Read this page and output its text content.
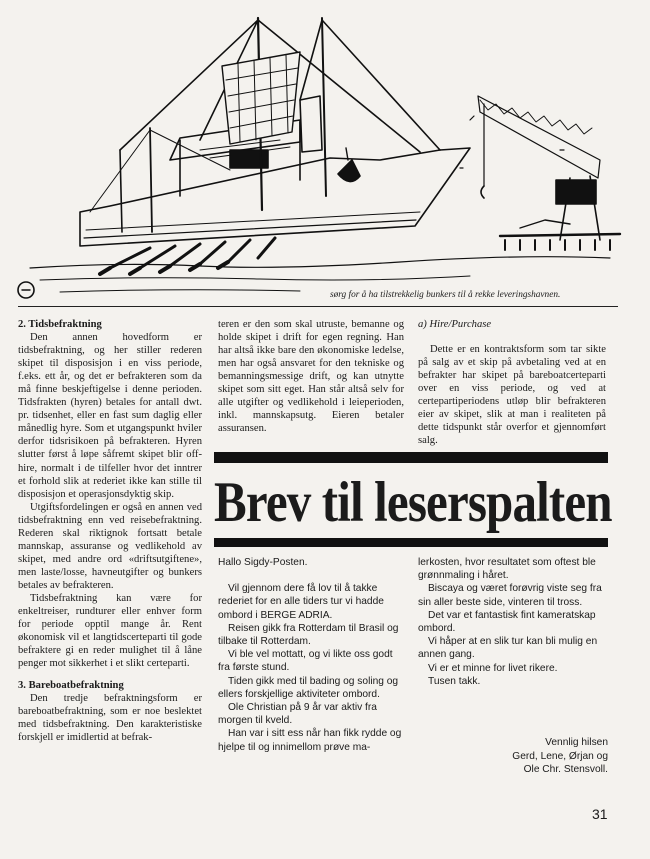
sørg for å ha tilstrekkelig bunkers til å rekke leveringshavnen.

2. Tidsbefraktning

Den annen hovedform er tidsbefraktning, og her stiller rederen skipet til disposisjon i en viss periode, f.eks. ett år, og det er befrakteren som da må finne beskjeftigelse i denne perioden. Tidsfrakten (hyren) betales for antall dwt. pr. tidsenhet, eller en fast sum daglig eller månedlig hyre. Som et utgangspunkt hviler derfor tidsrisikoen på befrakteren. Hyren slutter først å løpe såfremt skipet blir off-hire, normalt i de tilfeller hvor det inntrer et forhold slik at rederiet ikke kan stille til disposisjon et operasjonsdyktig skip.

Utgiftsfordelingen er også en annen ved tidsbefraktning enn ved reisebefraktning. Rederen skal riktignok fortsatt betale mannskap, assuranse og vedlikehold av skipet, med andre ord «driftsutgiftene», men laste/losse, havneutgifter og bunkers betales av befrakteren.

Tidsbefraktning kan være for enkeltreiser, rundturer eller enhver form for periode opptil mange år. Rent økonomisk vil et langtidscerteparti til gode befraktere gi en reder mulighet til å låne penger mot sikkerhet i et slikt certeparti.

3. Bareboatbefraktning

Den tredje befraktningsform er bareboatbefraktning, som er noe beslektet med tidsbefraktning. Den karakteristiske forskjell er imidlertid at befrak-

teren er den som skal utruste, bemanne og holde skipet i drift for egen regning. Han har altså ikke bare den økonomiske ledelse, men har også ansvaret for den tekniske og bemanningsmessige drift, og kan utnytte skipet som sitt eget. Han står altså selv for alle utgifter og vedlikehold i leieperioden, inkl. mannskapsutg. Eieren betaler assuransen.

a) Hire/Purchase

Dette er en kontraktsform som tar sikte på salg av et skip på avbetaling ved at en befrakter har skipet på bareboatcerteparti over en viss periode, og ved at certepartiperiodens utløp blir befrakteren eier av skipet, slik at man i realiteten på dette tidspunkt står overfor et gjennomført salg.

Brev til leserspalten

Hallo Sigdy-Posten.

Vil gjennom dere få lov til å takke rederiet for en alle tiders tur vi hadde ombord i BERGE ADRIA.

Reisen gikk fra Rotterdam til Brasil og tilbake til Rotterdam.

Vi ble vel mottatt, og vi likte oss godt fra første stund.

Tiden gikk med til bading og soling og ellers forskjellige aktiviteter ombord.

Ole Christian på 9 år var aktiv fra morgen til kveld.

Han var i sitt ess når han fikk rydde og hjelpe til og innimellom prøve ma-

lerkosten, hvor resultatet som oftest ble grønnmaling i håret.

Biscaya og været forøvrig viste seg fra sin aller beste side, vinteren til tross.

Det var et fantastisk fint kameratskap ombord.

Vi håper at en slik tur kan bli mulig en annen gang.

Vi er et minne for livet rikere.

Tusen takk.

Vennlig hilsen
Gerd, Lene, Ørjan og
Ole Chr. Stensvoll.
31
